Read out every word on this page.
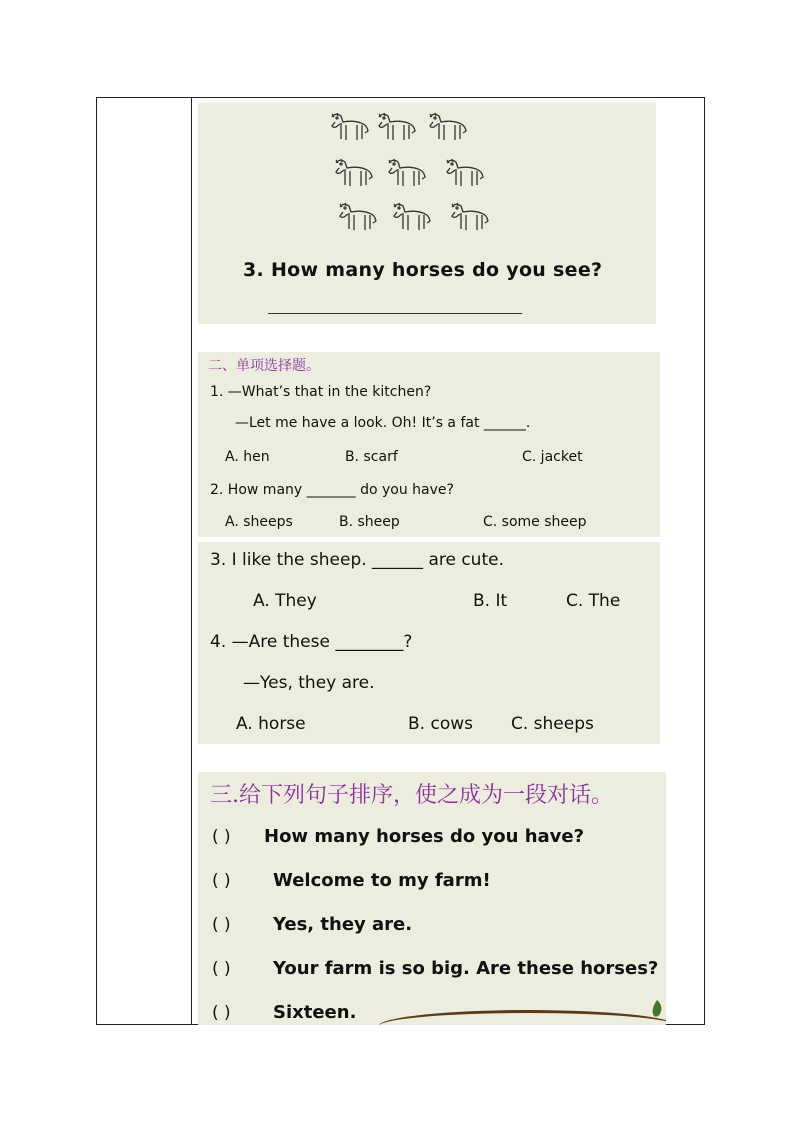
3. How many horses do you see?
二、单项选择题。
1. —What’s that in the kitchen?
—Let me have a look. Oh! It’s a fat ______.
A. hen	B. scarf	C. jacket
2. How many _______ do you have?
A. sheeps	B. sheep	C. some sheep
3. I like the sheep. ______ are cute.
A. They	B. It	C. The
4. —Are these ________?
—Yes, they are.
A. horse	B. cows C. sheeps
三.给下列句子排序，使之成为一段对话。
( ) How many horses do you have?
( ) Welcome to my farm!
( ) Yes, they are.
( ) Your farm is so big. Are these horses?
( ) Sixteen.
